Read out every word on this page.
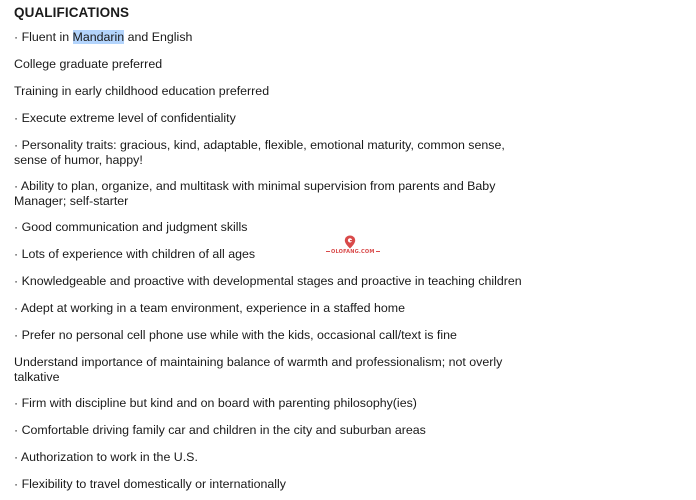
QUALIFICATIONS
· Fluent in Mandarin and English
College graduate preferred
Training in early childhood education preferred
· Execute extreme level of confidentiality
· Personality traits: gracious, kind, adaptable, flexible, emotional maturity, common sense, sense of humor, happy!
· Ability to plan, organize, and multitask with minimal supervision from parents and Baby Manager; self-starter
· Good communication and judgment skills
· Lots of experience with children of all ages
· Knowledgeable and proactive with developmental stages and proactive in teaching children
· Adept at working in a team environment, experience in a staffed home
· Prefer no personal cell phone use while with the kids, occasional call/text is fine
Understand importance of maintaining balance of warmth and professionalism; not overly talkative
· Firm with discipline but kind and on board with parenting philosophy(ies)
· Comfortable driving family car and children in the city and suburban areas
· Authorization to work in the U.S.
· Flexibility to travel domestically or internationally
OLOFANG.COM
